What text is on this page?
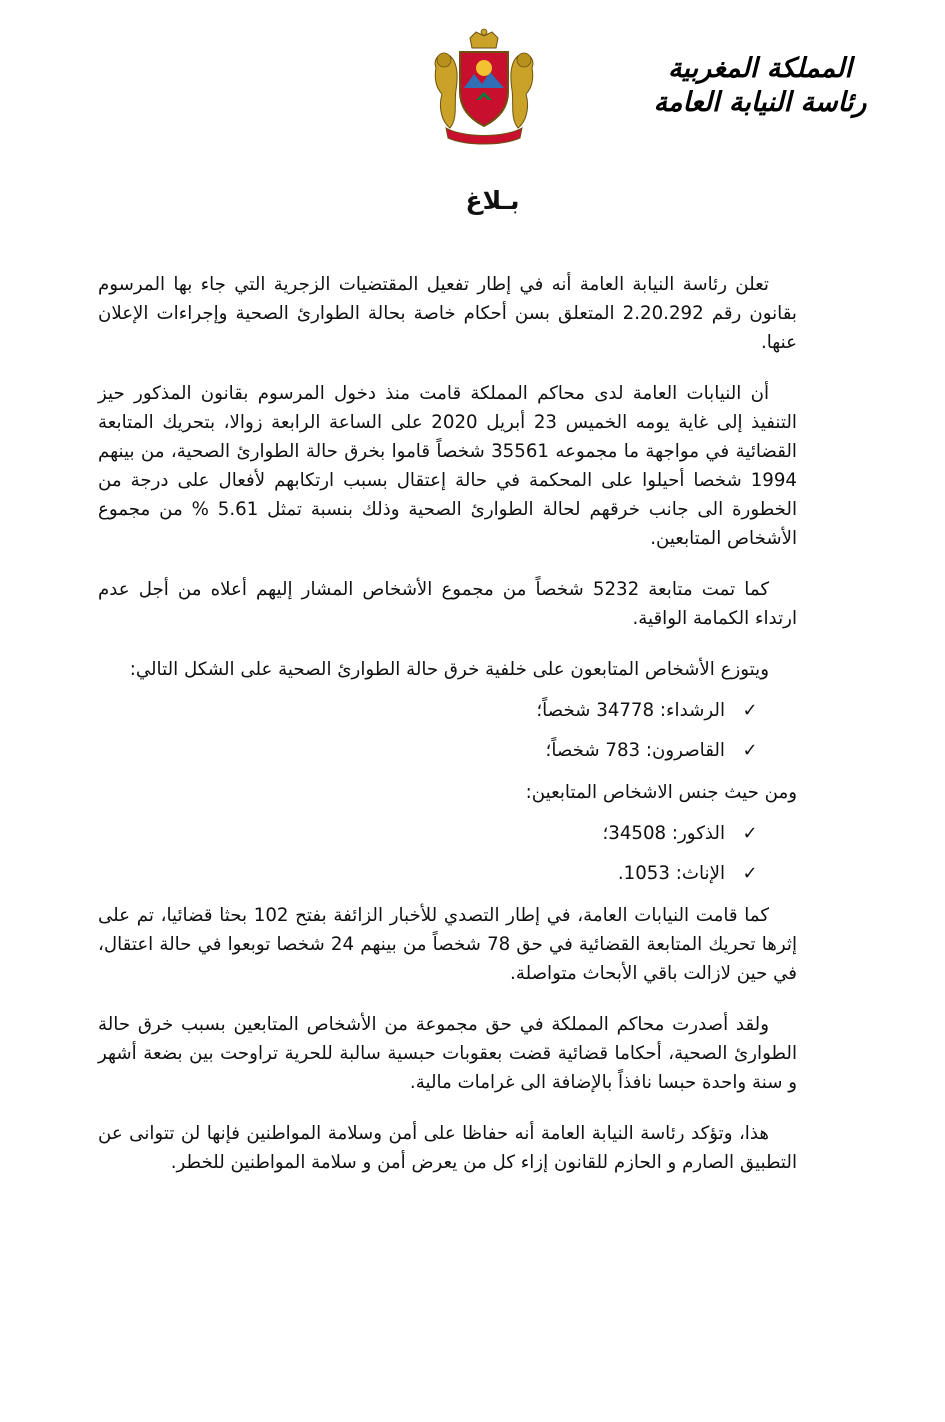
المملكة المغربية
رئاسة النيابة العامة
بـلاغ

تعلن رئاسة النيابة العامة أنه في إطار تفعيل المقتضيات الزجرية التي جاء بها المرسوم بقانون رقم 2.20.292 المتعلق بسن أحكام خاصة بحالة الطوارئ الصحية وإجراءات الإعلان عنها.

أن النيابات العامة لدى محاكم المملكة قامت منذ دخول المرسوم بقانون المذكور حيز التنفيذ إلى غاية يومه الخميس 23 أبريل 2020 على الساعة الرابعة زوالا، بتحريك المتابعة القضائية في مواجهة ما مجموعه 35561 شخصاً قاموا بخرق حالة الطوارئ الصحية، من بينهم 1994 شخصا أحيلوا على المحكمة في حالة إعتقال بسبب ارتكابهم لأفعال على درجة من الخطورة الى جانب خرقهم لحالة الطوارئ الصحية وذلك بنسبة تمثل 5.61 % من مجموع الأشخاص المتابعين.

كما تمت متابعة 5232 شخصاً من مجموع الأشخاص المشار إليهم أعلاه من أجل عدم ارتداء الكمامة الواقية.

ويتوزع الأشخاص المتابعون على خلفية خرق حالة الطوارئ الصحية على الشكل التالي:

✓
الرشداء: 34778 شخصاً؛
✓
القاصرون: 783 شخصاً؛

ومن حيث جنس الاشخاص المتابعين:

✓
الذكور: 34508؛
✓
الإناث: 1053.

كما قامت النيابات العامة، في إطار التصدي للأخبار الزائفة بفتح 102 بحثا قضائيا، تم على إثرها تحريك المتابعة القضائية في حق 78 شخصاً من بينهم 24 شخصا توبعوا في حالة اعتقال، في حين لازالت باقي الأبحاث متواصلة.

ولقد أصدرت محاكم المملكة في حق مجموعة من الأشخاص المتابعين بسبب خرق حالة الطوارئ الصحية، أحكاما قضائية قضت بعقوبات حبسية سالبة للحرية تراوحت بين بضعة أشهر و سنة واحدة حبسا نافذاً بالإضافة الى غرامات مالية.

هذا، وتؤكد رئاسة النيابة العامة أنه حفاظا على أمن وسلامة المواطنين فإنها لن تتوانى عن التطبيق الصارم و الحازم للقانون إزاء كل من يعرض أمن و سلامة المواطنين للخطر.
